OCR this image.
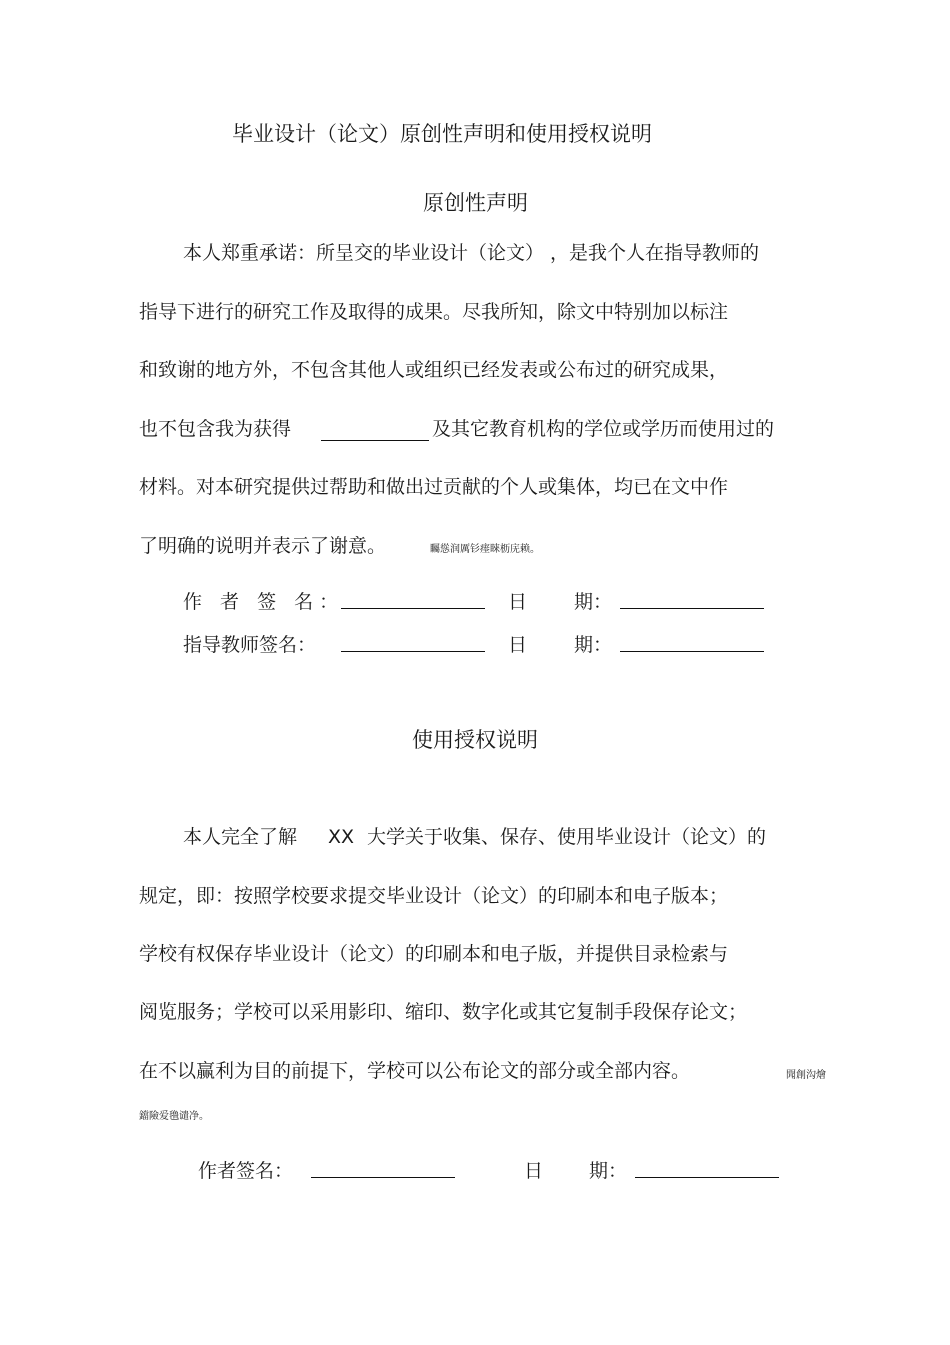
毕业设计（论文）原创性声明和使用授权说明
原创性声明
本人郑重承诺：所呈交的毕业设计（论文） ，是我个人在指导教师的
指导下进行的研究工作及取得的成果。尽我所知，除文中特别加以标注
和致谢的地方外，不包含其他人或组织已经发表或公布过的研究成果，
也不包含我为获得	及其它教育机构的学位或学历而使用过的
材料。对本研究提供过帮助和做出过贡献的个人或集体，均已在文中作
了明确的说明并表示了谢意。	矚慫润厲钐瘗睞枥庑赖。
作 者 签 名：	日 期：
指导教师签名：	日 期：
使用授权说明
本人完全了解 XX 大学关于收集、保存、使用毕业设计（论文）的
规定，即：按照学校要求提交毕业设计（论文）的印刷本和电子版本；
学校有权保存毕业设计（论文）的印刷本和电子版，并提供目录检索与
阅览服务；学校可以采用影印、缩印、数字化或其它复制手段保存论文；
在不以赢利为目的前提下，学校可以公布论文的部分或全部内容。	聞創沟燴
鐺險爱氇谴净。
作者签名：	日 期：
